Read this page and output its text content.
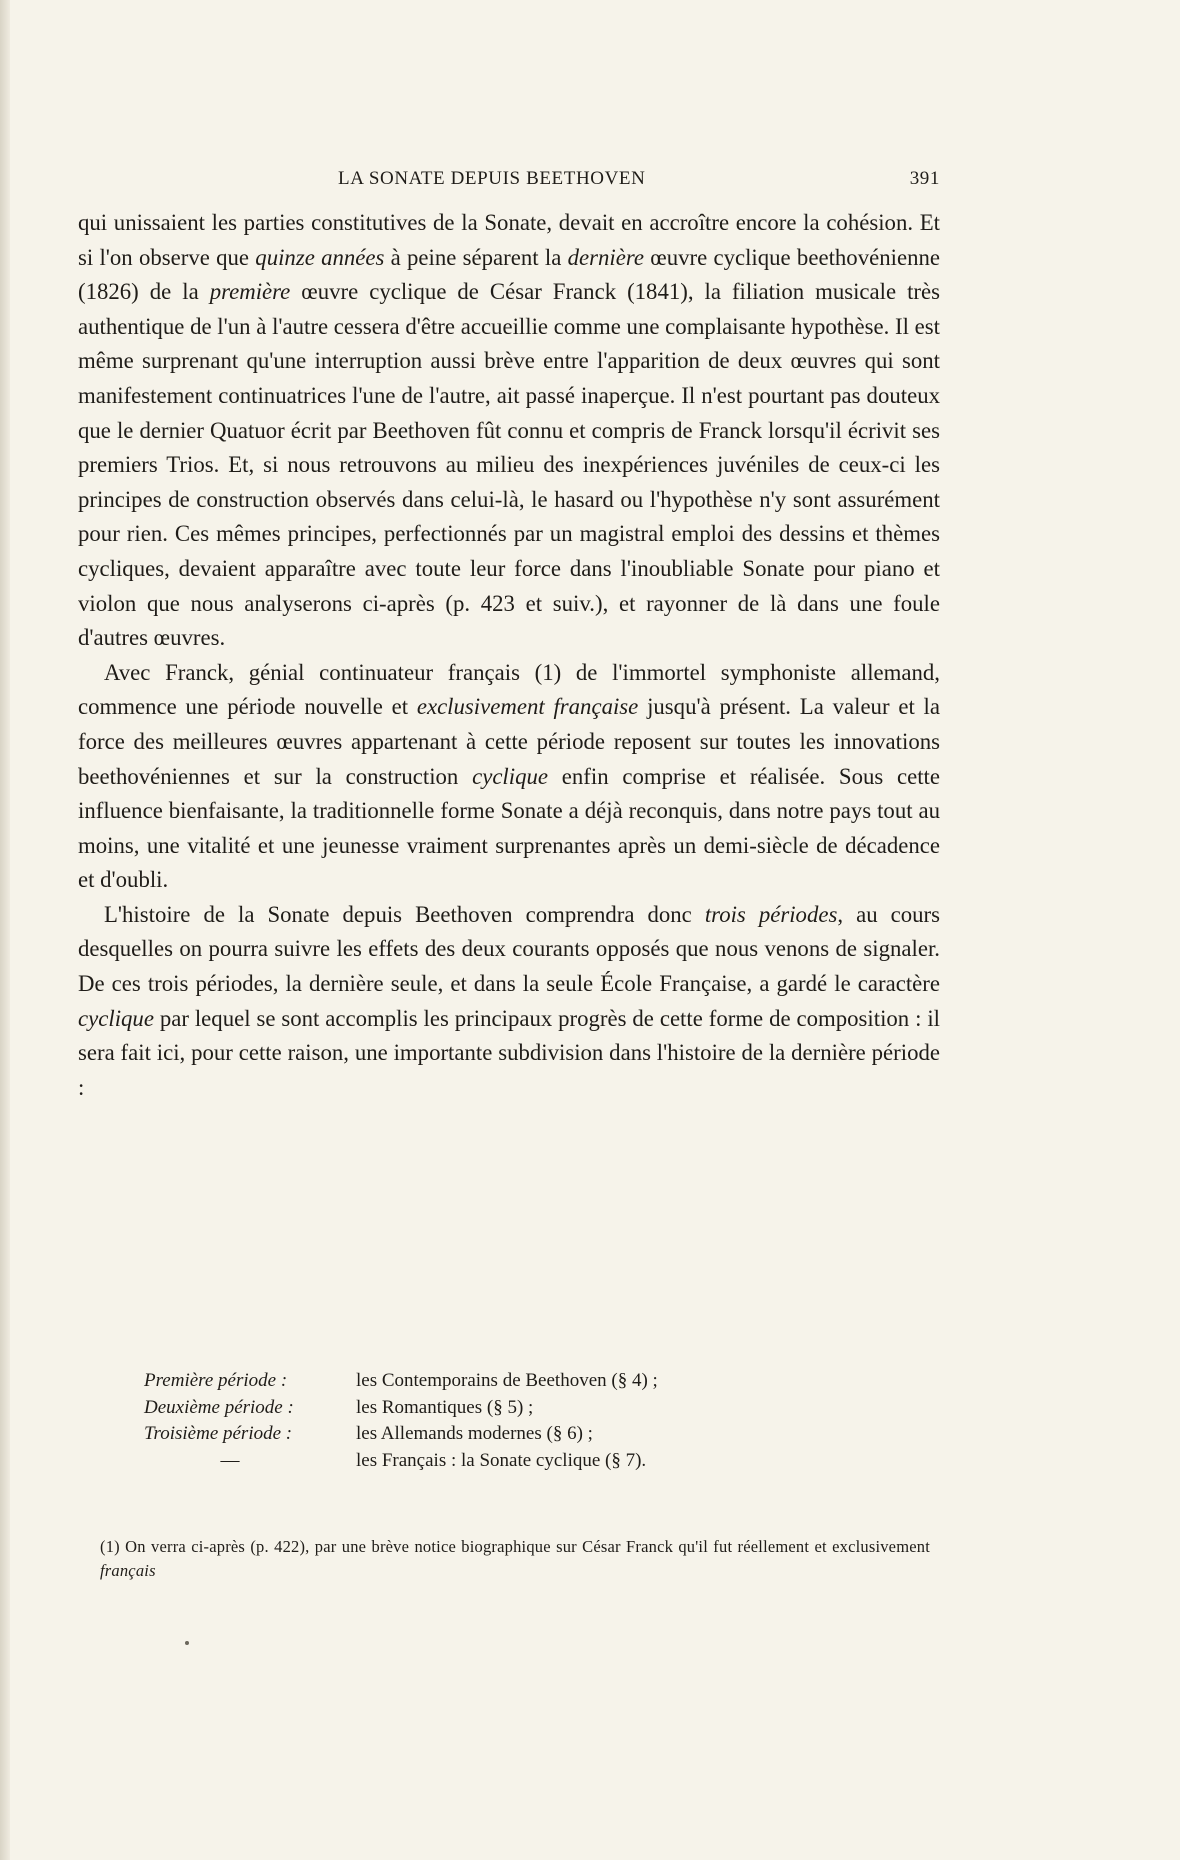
LA SONATE DEPUIS BEETHOVEN	391

qui unissaient les parties constitutives de la Sonate, devait en accroître encore la cohésion. Et si l'on observe que quinze années à peine séparent la dernière œuvre cyclique beethovénienne (1826) de la première œuvre cyclique de César Franck (1841), la filiation musicale très authentique de l'un à l'autre cessera d'être accueillie comme une complaisante hypothèse. Il est même surprenant qu'une interruption aussi brève entre l'apparition de deux œuvres qui sont manifestement continuatrices l'une de l'autre, ait passé inaperçue. Il n'est pourtant pas douteux que le dernier Quatuor écrit par Beethoven fût connu et compris de Franck lorsqu'il écrivit ses premiers Trios. Et, si nous retrouvons au milieu des inexpériences juvéniles de ceux-ci les principes de construction observés dans celui-là, le hasard ou l'hypothèse n'y sont assurément pour rien. Ces mêmes principes, perfectionnés par un magistral emploi des dessins et thèmes cycliques, devaient apparaître avec toute leur force dans l'inoubliable Sonate pour piano et violon que nous analyserons ci-après (p. 423 et suiv.), et rayonner de là dans une foule d'autres œuvres.

Avec Franck, génial continuateur français (1) de l'immortel symphoniste allemand, commence une période nouvelle et exclusivement française jusqu'à présent. La valeur et la force des meilleures œuvres appartenant à cette période reposent sur toutes les innovations beethovéniennes et sur la construction cyclique enfin comprise et réalisée. Sous cette influence bienfaisante, la traditionnelle forme Sonate a déjà reconquis, dans notre pays tout au moins, une vitalité et une jeunesse vraiment surprenantes après un demi-siècle de décadence et d'oubli.

L'histoire de la Sonate depuis Beethoven comprendra donc trois périodes, au cours desquelles on pourra suivre les effets des deux courants opposés que nous venons de signaler. De ces trois périodes, la dernière seule, et dans la seule École Française, a gardé le caractère cyclique par lequel se sont accomplis les principaux progrès de cette forme de composition : il sera fait ici, pour cette raison, une importante subdivision dans l'histoire de la dernière période :

Première période :	les Contemporains de Beethoven (§ 4) ;
Deuxième période :	les Romantiques (§ 5) ;
Troisième période :	les Allemands modernes (§ 6) ;
—	les Français : la Sonate cyclique (§ 7).

(1) On verra ci-après (p. 422), par une brève notice biographique sur César Franck qu'il fut réellement et exclusivement français
